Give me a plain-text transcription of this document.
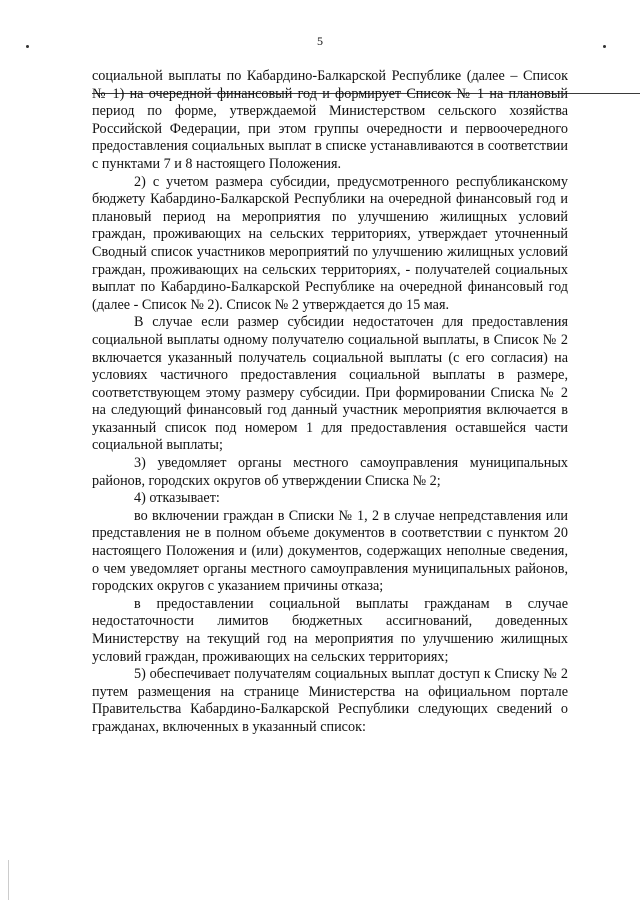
5

социальной выплаты по Кабардино-Балкарской Республике (далее – Список № 1) на очередной финансовый год и формирует Список № 1 на плановый период по форме, утверждаемой Министерством сельского хозяйства Российской Федерации, при этом группы очередности и первоочередного предоставления социальных выплат в списке устанавливаются в соответствии с пунктами 7 и 8 настоящего Положения.

2) с учетом размера субсидии, предусмотренного республиканскому бюджету Кабардино-Балкарской Республики на очередной финансовый год и плановый период на мероприятия по улучшению жилищных условий граждан, проживающих на сельских территориях, утверждает уточненный Сводный список участников мероприятий по улучшению жилищных условий граждан, проживающих на сельских территориях, - получателей социальных выплат по Кабардино-Балкарской Республике на очередной финансовый год (далее - Список № 2). Список № 2 утверждается до 15 мая.

В случае если размер субсидии недостаточен для предоставления социальной выплаты одному получателю социальной выплаты, в Список № 2 включается указанный получатель социальной выплаты (с его согласия) на условиях частичного предоставления социальной выплаты в размере, соответствующем этому размеру субсидии. При формировании Списка № 2 на следующий финансовый год данный участник мероприятия включается в указанный список под номером 1 для предоставления оставшейся части социальной выплаты;

3) уведомляет органы местного самоуправления муниципальных районов, городских округов об утверждении Списка № 2;

4) отказывает:

во включении граждан в Списки № 1, 2 в случае непредставления или представления не в полном объеме документов в соответствии с пунктом 20 настоящего Положения и (или) документов, содержащих неполные сведения, о чем уведомляет органы местного самоуправления муниципальных районов, городских округов с указанием причины отказа;

в предоставлении социальной выплаты гражданам в случае недостаточности лимитов бюджетных ассигнований, доведенных Министерству на текущий год на мероприятия по улучшению жилищных условий граждан, проживающих на сельских территориях;

5) обеспечивает получателям социальных выплат доступ к Списку № 2 путем размещения на странице Министерства на официальном портале Правительства Кабардино-Балкарской Республики следующих сведений о гражданах, включенных в указанный список:
